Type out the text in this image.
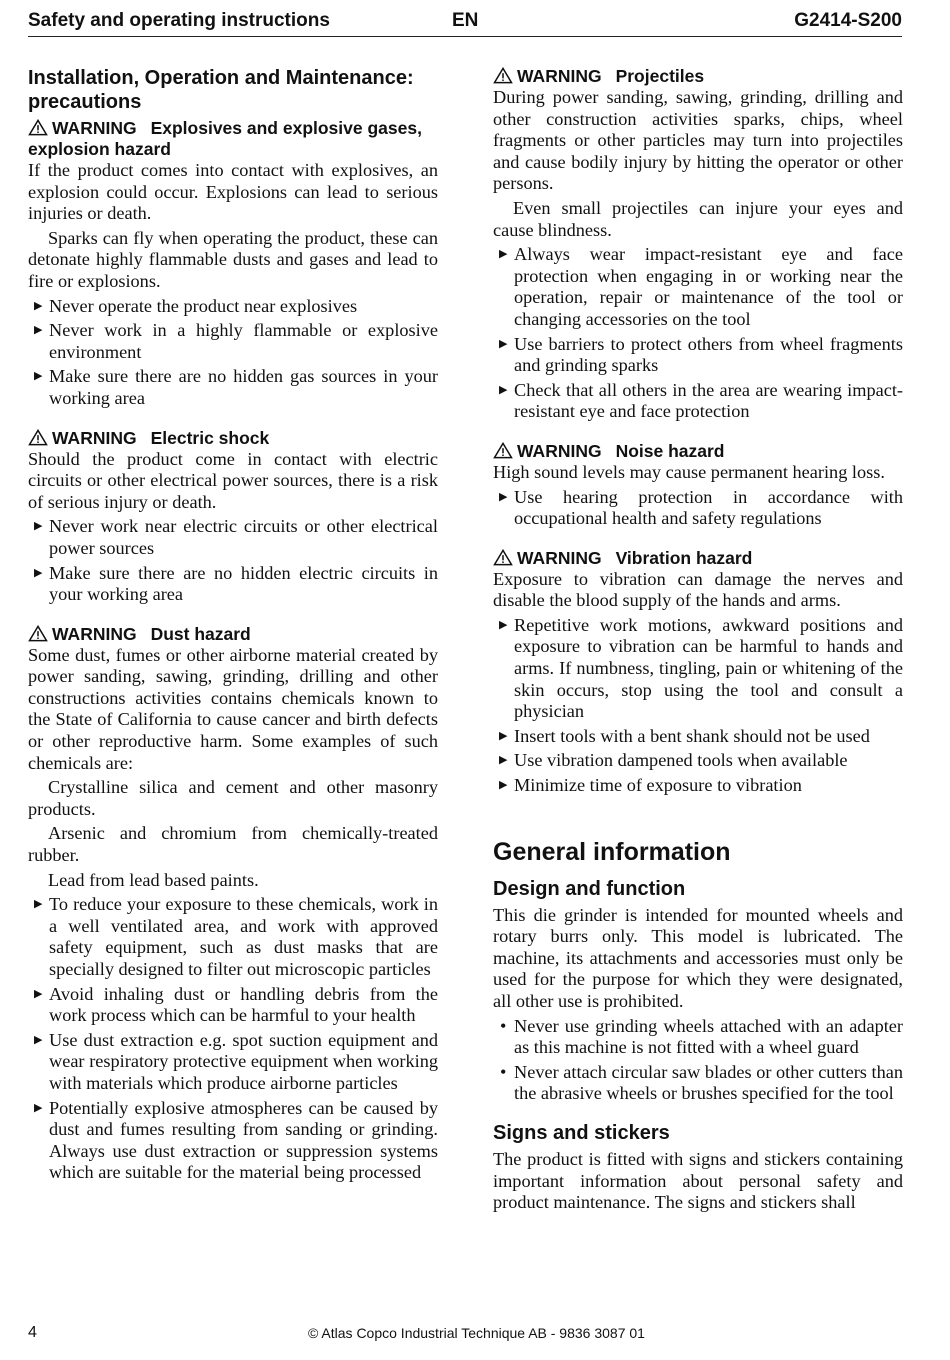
Safety and operating instructions	EN	G2414-S200
Installation, Operation and Maintenance: precautions
WARNING Explosives and explosive gases, explosion hazard

If the product comes into contact with explosives, an explosion could occur. Explosions can lead to serious injuries or death.

Sparks can fly when operating the product, these can detonate highly flammable dusts and gases and lead to fire or explosions.

▶ Never operate the product near explosives
▶ Never work in a highly flammable or explosive environment
▶ Make sure there are no hidden gas sources in your working area
WARNING Electric shock

Should the product come in contact with electric circuits or other electrical power sources, there is a risk of serious injury or death.

▶ Never work near electric circuits or other electrical power sources
▶ Make sure there are no hidden electric circuits in your working area
WARNING Dust hazard

Some dust, fumes or other airborne material created by power sanding, sawing, grinding, drilling and other constructions activities contains chemicals known to the State of California to cause cancer and birth defects or other reproductive harm. Some examples of such chemicals are:

Crystalline silica and cement and other masonry products.

Arsenic and chromium from chemically-treated rubber.

Lead from lead based paints.

▶ To reduce your exposure to these chemicals, work in a well ventilated area, and work with approved safety equipment, such as dust masks that are specially designed to filter out microscopic particles
▶ Avoid inhaling dust or handling debris from the work process which can be harmful to your health
▶ Use dust extraction e.g. spot suction equipment and wear respiratory protective equipment when working with materials which produce airborne particles
▶ Potentially explosive atmospheres can be caused by dust and fumes resulting from sanding or grinding. Always use dust extraction or suppression systems which are suitable for the material being processed
WARNING Projectiles

During power sanding, sawing, grinding, drilling and other construction activities sparks, chips, wheel fragments or other particles may turn into projectiles and cause bodily injury by hitting the operator or other persons.

Even small projectiles can injure your eyes and cause blindness.

▶ Always wear impact-resistant eye and face protection when engaging in or working near the operation, repair or maintenance of the tool or changing accessories on the tool
▶ Use barriers to protect others from wheel fragments and grinding sparks
▶ Check that all others in the area are wearing impact-resistant eye and face protection
WARNING Noise hazard

High sound levels may cause permanent hearing loss.

▶ Use hearing protection in accordance with occupational health and safety regulations
WARNING Vibration hazard

Exposure to vibration can damage the nerves and disable the blood supply of the hands and arms.

▶ Repetitive work motions, awkward positions and exposure to vibration can be harmful to hands and arms. If numbness, tingling, pain or whitening of the skin occurs, stop using the tool and consult a physician
▶ Insert tools with a bent shank should not be used
▶ Use vibration dampened tools when available
▶ Minimize time of exposure to vibration
General information
Design and function

This die grinder is intended for mounted wheels and rotary burrs only. This model is lubricated. The machine, its attachments and accessories must only be used for the purpose for which they were designated, all other use is prohibited.

• Never use grinding wheels attached with an adapter as this machine is not fitted with a wheel guard
• Never attach circular saw blades or other cutters than the abrasive wheels or brushes specified for the tool
Signs and stickers

The product is fitted with signs and stickers containing important information about personal safety and product maintenance. The signs and stickers shall

4	© Atlas Copco Industrial Technique AB - 9836 3087 01
